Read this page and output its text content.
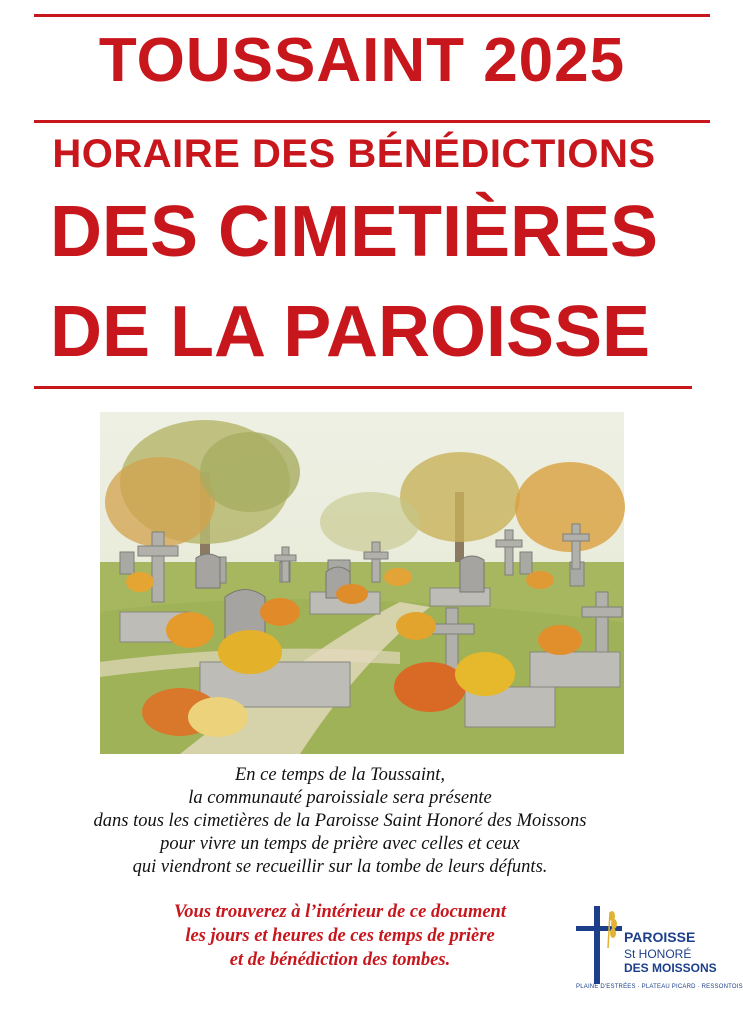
TOUSSAINT 2025
HORAIRE DES BÉNÉDICTIONS
DES CIMETIÈRES
DE LA PAROISSE
En ce temps de la Toussaint,
la communauté paroissiale sera présente
dans tous les cimetières de la Paroisse Saint Honoré des Moissons
pour vivre un temps de prière avec celles et ceux
qui viendront se recueillir sur la tombe de leurs défunts.
Vous trouverez à l’intérieur de ce document
les jours et heures de ces temps de prière
et de bénédiction des tombes.
PAROISSE
St HONORÉ
DES MOISSONS
PLAINE D'ESTRÉES · PLATEAU PICARD · RESSONTOIS
